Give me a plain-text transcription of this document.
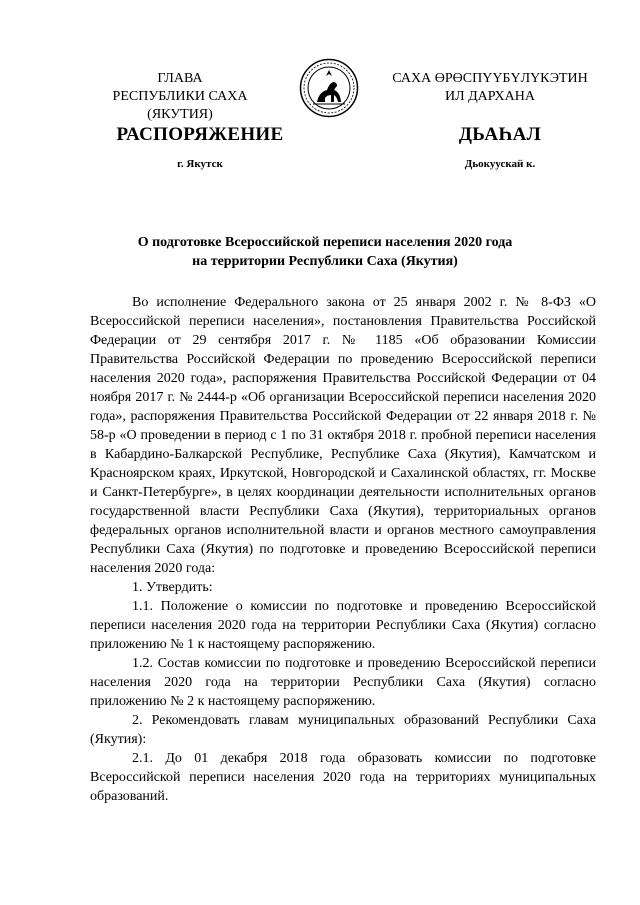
ГЛАВА
РЕСПУБЛИКИ САХА (ЯКУТИЯ)
САХА ӨРӨСПҮҮБҮЛҮКЭТИН
ИЛ ДАРХАНА
РАСПОРЯЖЕНИЕ	ДЬАҺАЛ
г. Якутск	Дьокуускай к.
О подготовке Всероссийской переписи населения 2020 года
на территории Республики Саха (Якутия)

Во исполнение Федерального закона от 25 января 2002 г. № 8-ФЗ «О Всероссийской переписи населения», постановления Правительства Российской Федерации от 29 сентября 2017 г. № 1185 «Об образовании Комиссии Правительства Российской Федерации по проведению Всероссийской переписи населения 2020 года», распоряжения Правительства Российской Федерации от 04 ноября 2017 г. № 2444-р «Об организации Всероссийской переписи населения 2020 года», распоряжения Правительства Российской Федерации от 22 января 2018 г. № 58-р «О проведении в период с 1 по 31 октября 2018 г. пробной переписи населения в Кабардино-Балкарской Республике, Республике Саха (Якутия), Камчатском и Красноярском краях, Иркутской, Новгородской и Сахалинской областях, гг. Москве и Санкт-Петербурге», в целях координации деятельности исполнительных органов государственной власти Республики Саха (Якутия), территориальных органов федеральных органов исполнительной власти и органов местного самоуправления Республики Саха (Якутия) по подготовке и проведению Всероссийской переписи населения 2020 года:

1. Утвердить:

1.1. Положение о комиссии по подготовке и проведению Всероссийской переписи населения 2020 года на территории Республики Саха (Якутия) согласно приложению № 1 к настоящему распоряжению.

1.2. Состав комиссии по подготовке и проведению Всероссийской переписи населения 2020 года на территории Республики Саха (Якутия) согласно приложению № 2 к настоящему распоряжению.

2. Рекомендовать главам муниципальных образований Республики Саха (Якутия):

2.1. До 01 декабря 2018 года образовать комиссии по подготовке Всероссийской переписи населения 2020 года на территориях муниципальных образований.
